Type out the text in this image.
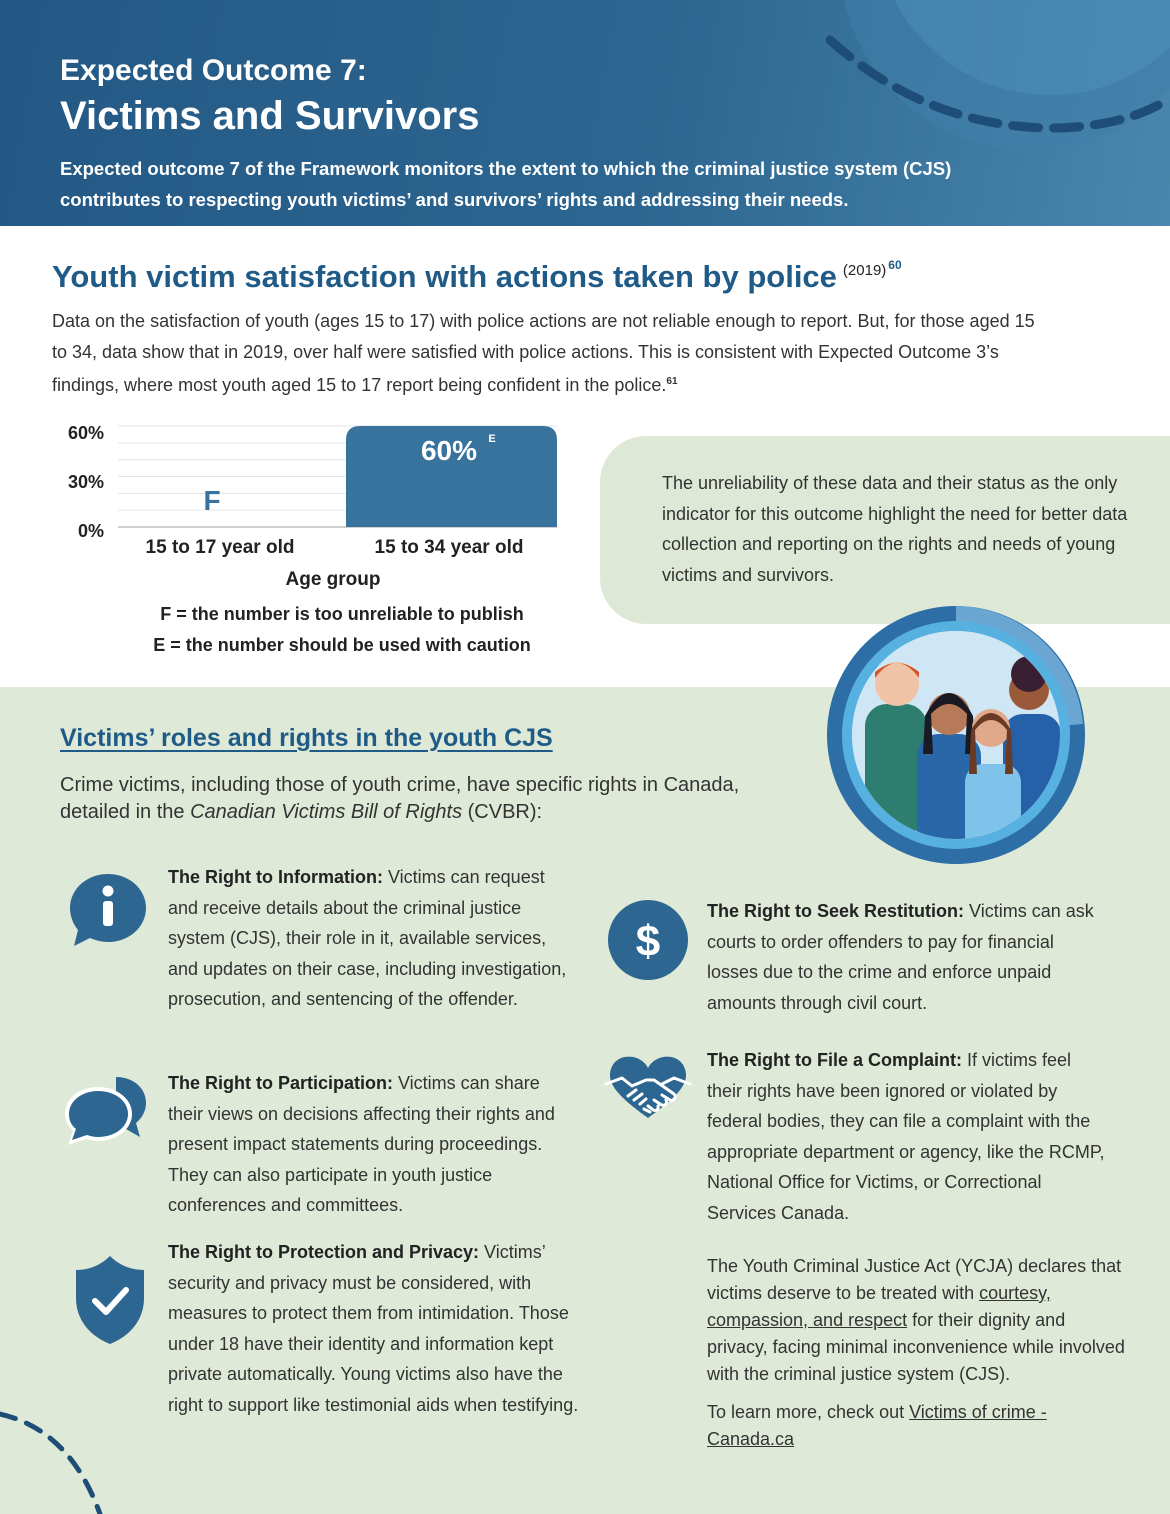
Expected Outcome 7:
Victims and Survivors
Expected outcome 7 of the Framework monitors the extent to which the criminal justice system (CJS) contributes to respecting youth victims’ and survivors’ rights and addressing their needs.
Youth victim satisfaction with actions taken by police $^{(2019)}$ $^{60}$
Data on the satisfaction of youth (ages 15 to 17) with police actions are not reliable enough to report. But, for those aged 15 to 34, data show that in 2019, over half were satisfied with police actions. This is consistent with Expected Outcome 3’s findings, where most youth aged 15 to 17 report being confident in the police.$^{61}$
60%
30%
0%
F
60% E
15 to 17 year old	15 to 34 year old
Age group
F = the number is too unreliable to publish
E = the number should be used with caution

The unreliability of these data and their status as the only indicator for this outcome highlight the need for better data collection and reporting on the rights and needs of young victims and survivors.

Victims’ roles and rights in the youth CJS
Crime victims, including those of youth crime, have specific rights in Canada, detailed in the Canadian Victims Bill of Rights (CVBR):
The Right to Information: Victims can request and receive details about the criminal justice system (CJS), their role in it, available services, and updates on their case, including investigation, prosecution, and sentencing of the offender.
The Right to Participation: Victims can share their views on decisions affecting their rights and present impact statements during proceedings. They can also participate in youth justice conferences and committees.
The Right to Protection and Privacy: Victims’ security and privacy must be considered, with measures to protect them from intimidation. Those under 18 have their identity and information kept private automatically. Young victims also have the right to support like testimonial aids when testifying.
$
The Right to Seek Restitution: Victims can ask courts to order offenders to pay for financial losses due to the crime and enforce unpaid amounts through civil court.
The Right to File a Complaint: If victims feel their rights have been ignored or violated by federal bodies, they can file a complaint with the appropriate department or agency, like the RCMP, National Office for Victims, or Correctional Services Canada.
The Youth Criminal Justice Act (YCJA) declares that victims deserve to be treated with courtesy, compassion, and respect for their dignity and privacy, facing minimal inconvenience while involved with the criminal justice system (CJS).
To learn more, check out Victims of crime - Canada.ca
